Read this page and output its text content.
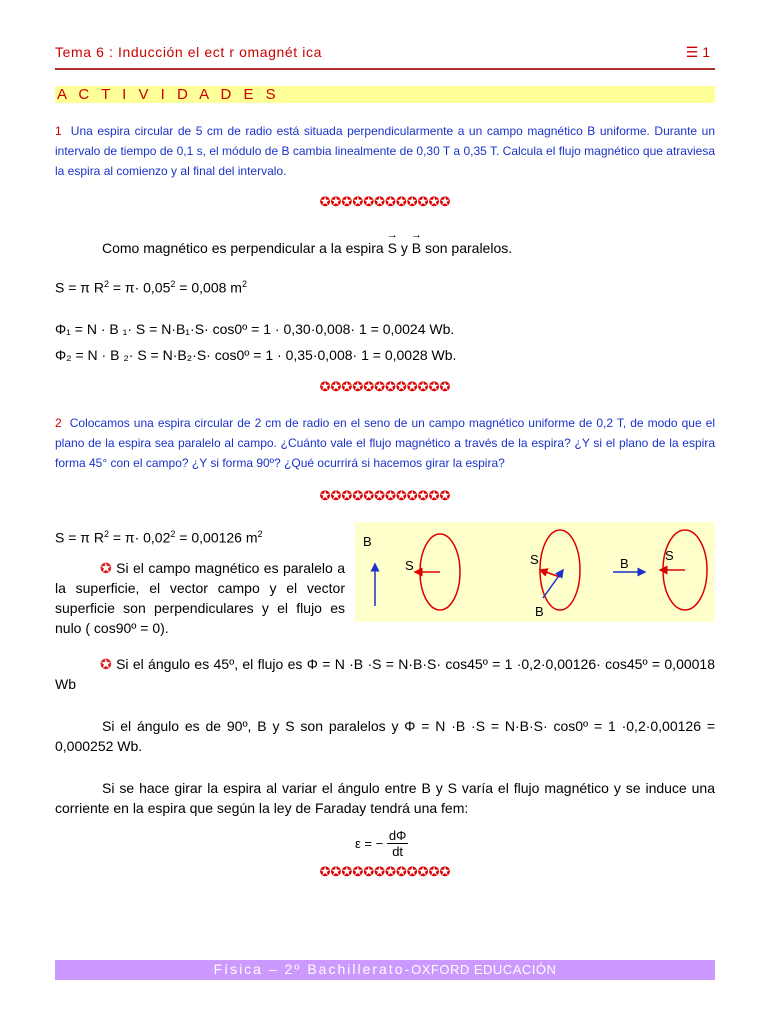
Tema 6 : Inducción el ect r omagnét ica	☰ 1
A C T I V I D A D E S
1 Una espira circular de 5 cm de radio está situada perpendicularmente a un campo magnético B uniforme. Durante un intervalo de tiempo de 0,1 s, el módulo de B cambia linealmente de 0,30 T a 0,35 T. Calcula el flujo magnético que atraviesa la espira al comienzo y al final del intervalo.
✪✪✪✪✪✪✪✪✪✪✪✪
Como magnético es perpendicular a la espira → S y → B son paralelos.
S = π $R^2 = \pi\cdot 0,05^2 = 0,008$ $m^2$
Φ₁ = N · B ₁· S = N·B₁·S· cos0º = 1 · 0,30·0,008· 1 = 0,0024 Wb.
Φ₂ = N · B ₂· S = N·B₂·S· cos0º = 1 · 0,35·0,008· 1 = 0,0028 Wb.
✪✪✪✪✪✪✪✪✪✪✪✪
2 Colocamos una espira circular de 2 cm de radio en el seno de un campo magnético uniforme de 0,2 T, de modo que el plano de la espira sea paralelo al campo. ¿Cuánto vale el flujo magnético a través de la espira? ¿Y si el plano de la espira forma 45° con el campo? ¿Y si forma 90º? ¿Qué ocurrirá si hacemos girar la espira?
✪✪✪✪✪✪✪✪✪✪✪✪
S = π $R^2 = \pi\cdot 0,02^2 = 0,00126$ $m^2$
✪ Si el campo magnético es paralelo a la superficie, el vector campo y el vector superficie son perpendiculares y el flujo es nulo ( cos90º = 0).
B
S	S
B
B
S
✪ Si el ángulo es 45º, el flujo es Φ = N ·B ·S = N·B·S· cos45º = 1 ·0,2·0,00126· cos45º = 0,00018 Wb
Si el ángulo es de 90º, B y S son paralelos y Φ = N ·B ·S = N·B·S· cos0º = 1 ·0,2·0,00126 = 0,000252 Wb.
Si se hace girar la espira al variar el ángulo entre B y S varía el flujo magnético y se induce una corriente en la espira que según la ley de Faraday tendrá una fem:
ε = − $\frac{d\Phi}{dt}$
✪✪✪✪✪✪✪✪✪✪✪✪
Física – 2º Bachillerato-OXFORD EDUCACIÓN
